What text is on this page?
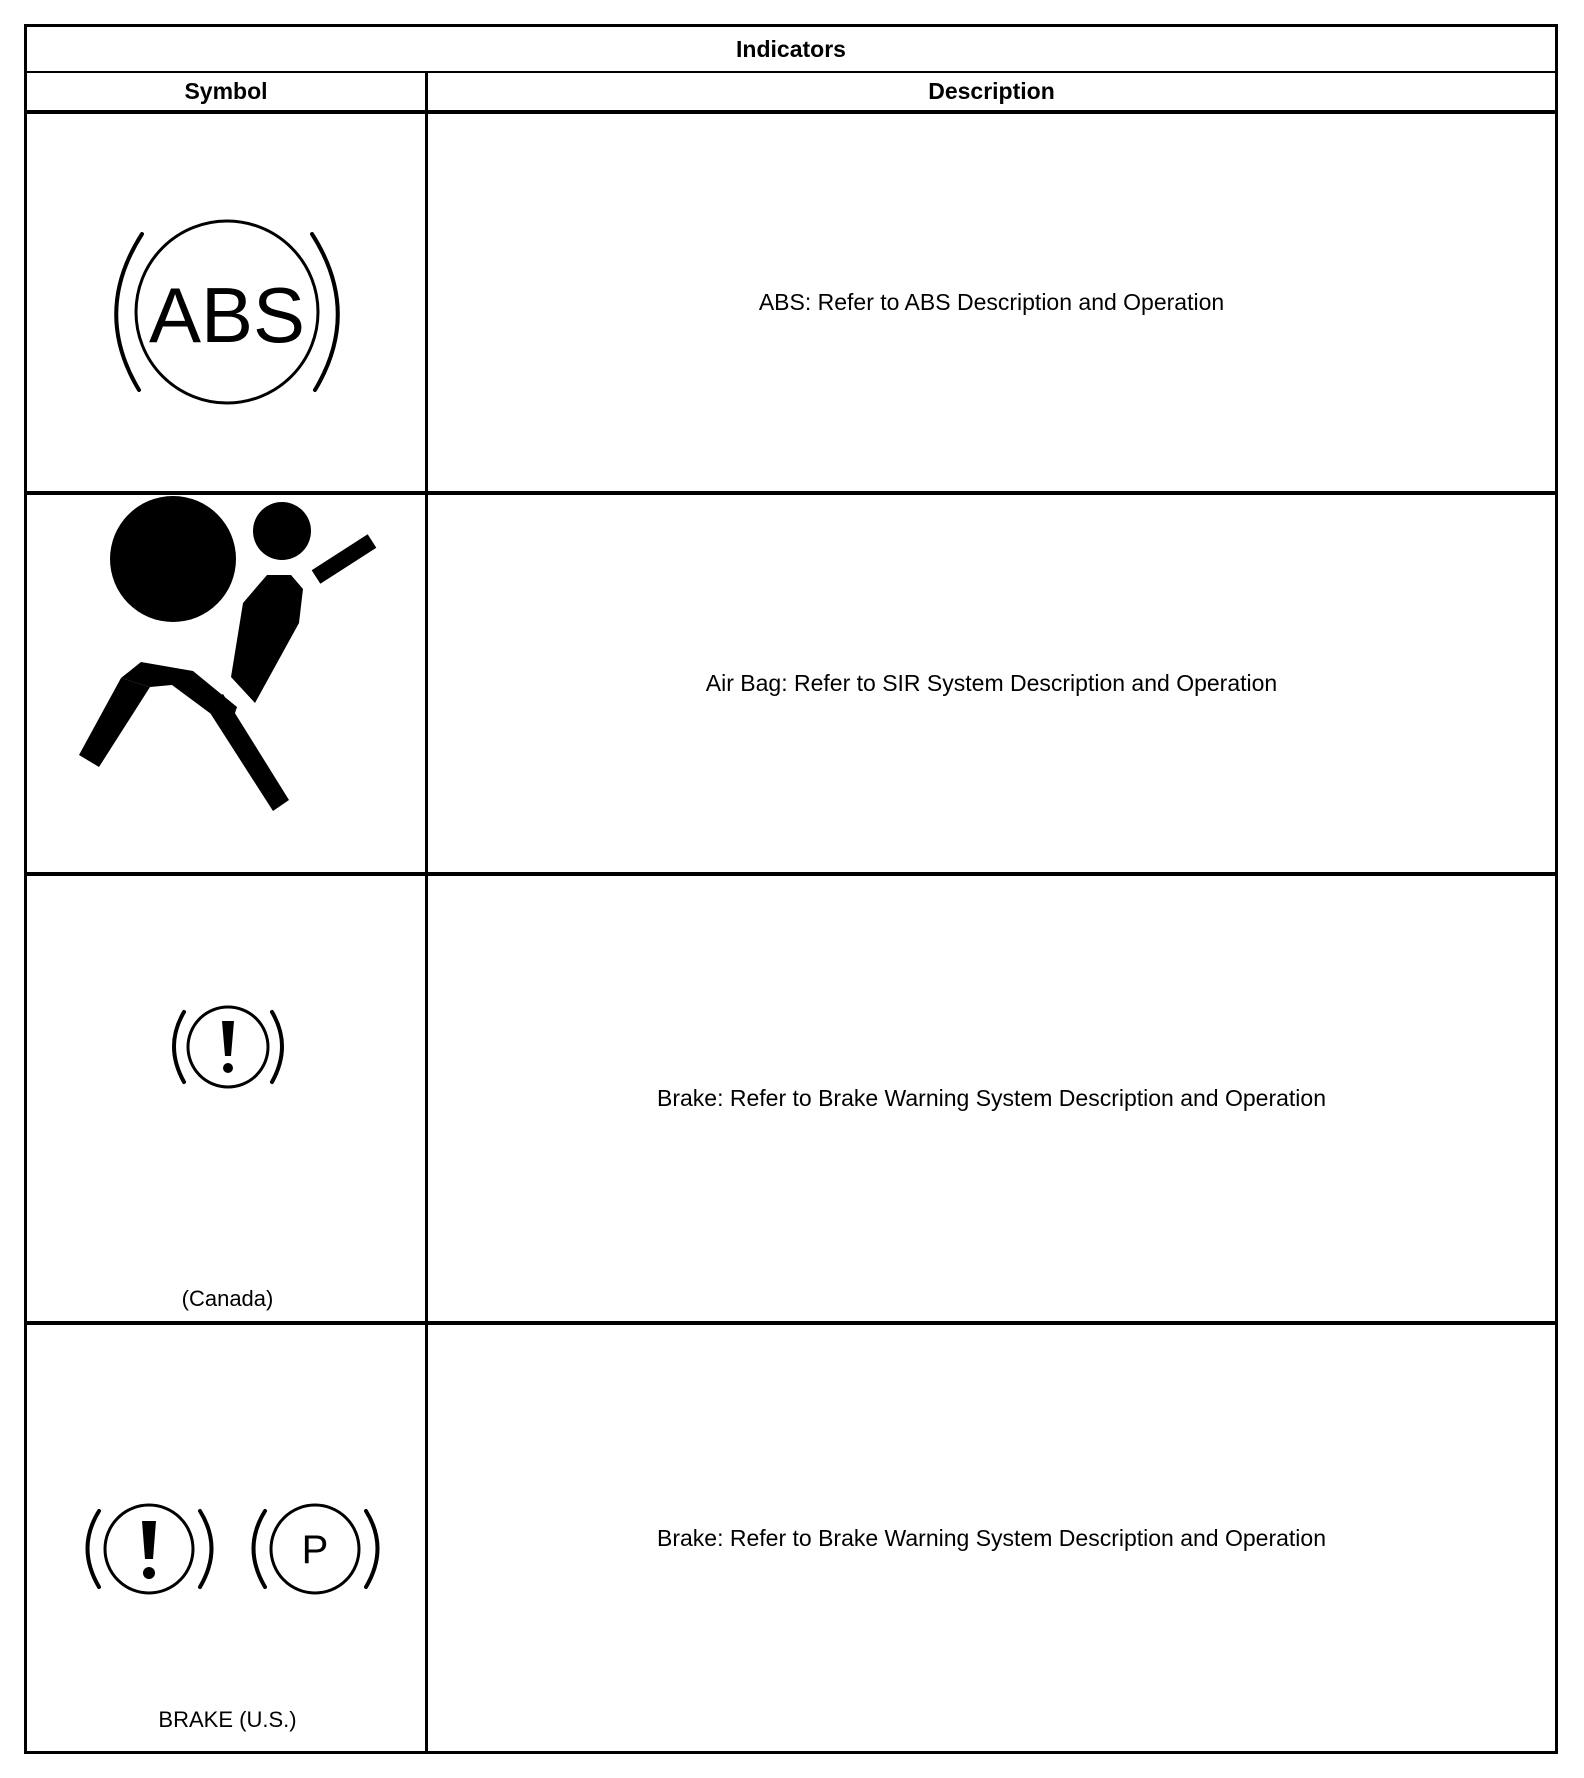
Indicators
Symbol	Description
ABS	ABS: Refer to ABS Description and Operation
Air Bag: Refer to SIR System Description and Operation
(Canada)
Brake: Refer to Brake Warning System Description and Operation
P
BRAKE (U.S.)
Brake: Refer to Brake Warning System Description and Operation
